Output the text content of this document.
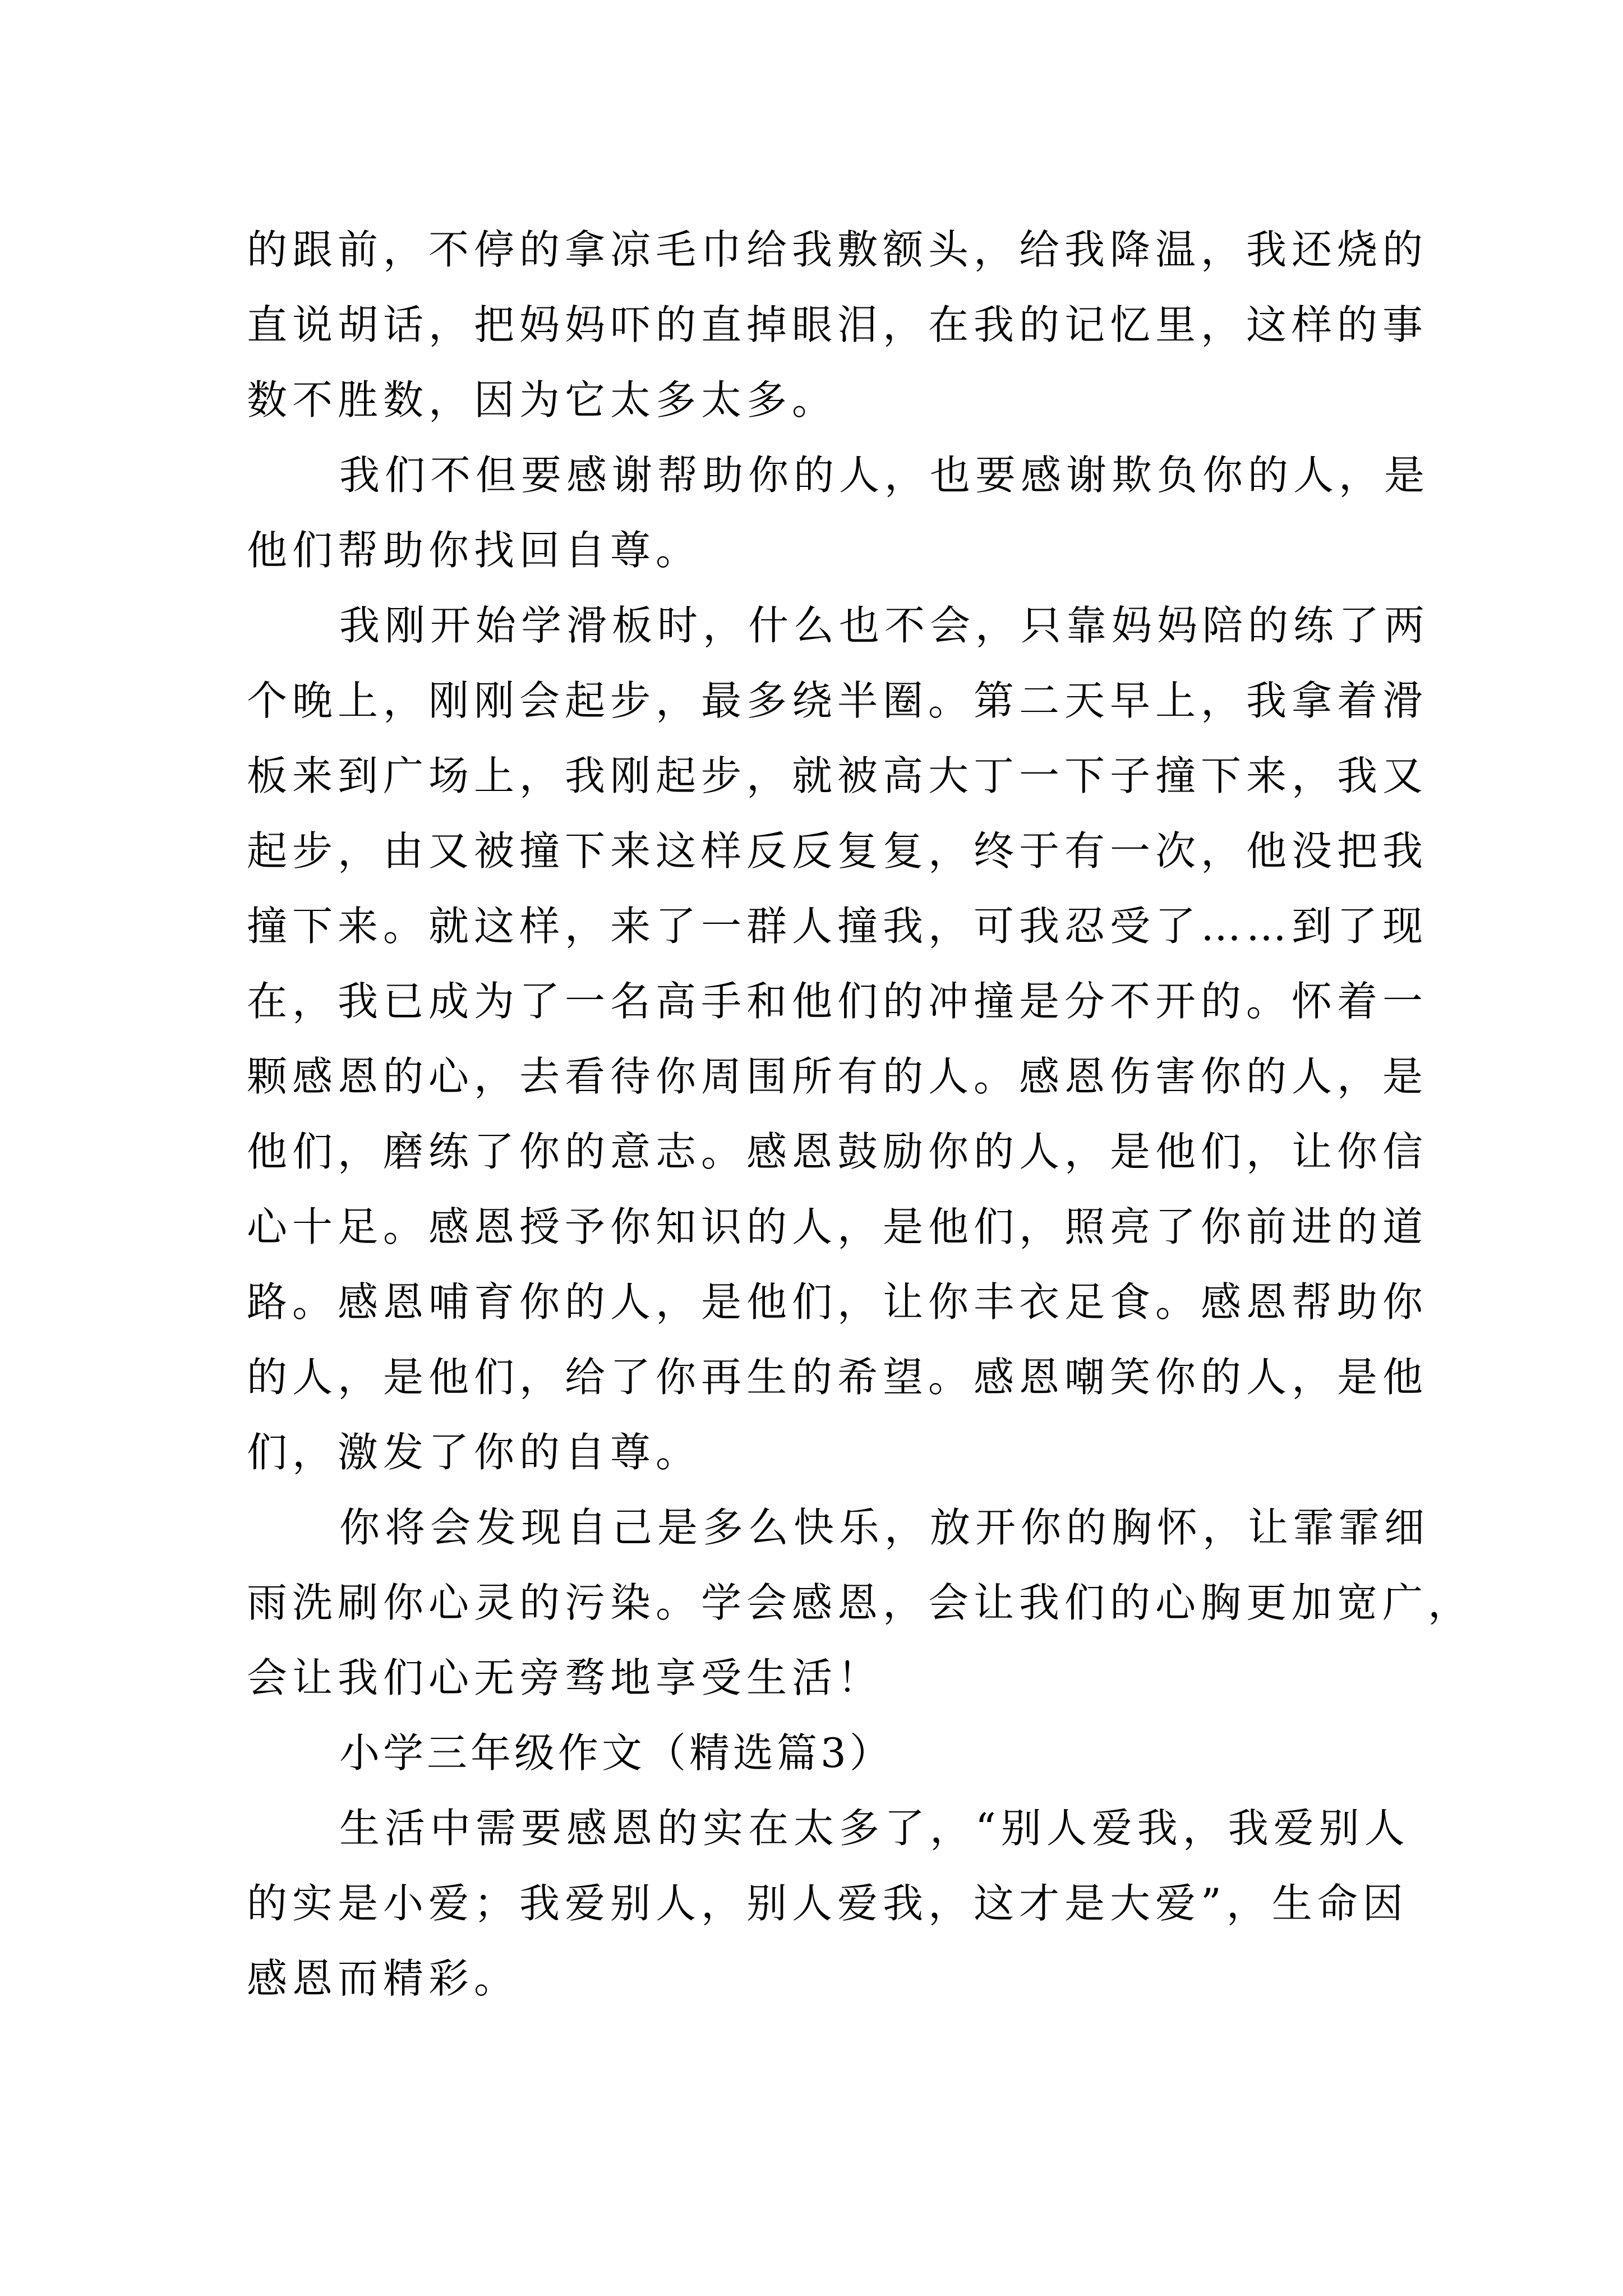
的跟前，不停的拿凉毛巾给我敷额头，给我降温，我还烧的
直说胡话，把妈妈吓的直掉眼泪，在我的记忆里，这样的事
数不胜数，因为它太多太多。
我们不但要感谢帮助你的人，也要感谢欺负你的人，是
他们帮助你找回自尊。
我刚开始学滑板时，什么也不会，只靠妈妈陪的练了两
个晚上，刚刚会起步，最多绕半圈。第二天早上，我拿着滑
板来到广场上，我刚起步，就被高大丁一下子撞下来，我又
起步，由又被撞下来这样反反复复，终于有一次，他没把我
撞下来。就这样，来了一群人撞我，可我忍受了……到了现
在，我已成为了一名高手和他们的冲撞是分不开的。怀着一
颗感恩的心，去看待你周围所有的人。感恩伤害你的人，是
他们，磨练了你的意志。感恩鼓励你的人，是他们，让你信
心十足。感恩授予你知识的人，是他们，照亮了你前进的道
路。感恩哺育你的人，是他们，让你丰衣足食。感恩帮助你
的人，是他们，给了你再生的希望。感恩嘲笑你的人，是他
们，激发了你的自尊。
你将会发现自己是多么快乐，放开你的胸怀，让霏霏细
雨洗刷你心灵的污染。学会感恩，会让我们的心胸更加宽广，
会让我们心无旁骛地享受生活！
小学三年级作文（精选篇3）
生活中需要感恩的实在太多了，“别人爱我，我爱别人
的实是小爱；我爱别人，别人爱我，这才是大爱”，生命因
感恩而精彩。
